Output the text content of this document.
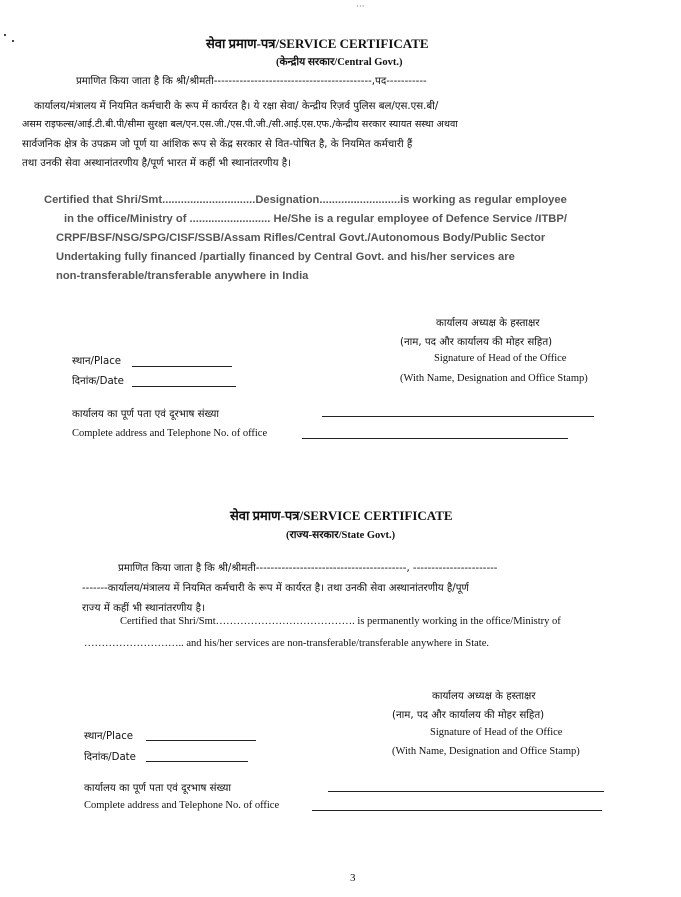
···
सेवा प्रमाण-पत्र/SERVICE CERTIFICATE
(केन्द्रीय सरकार/Central Govt.)
प्रमाणित किया जाता है कि श्री/श्रीमती-------------------------------------------,पद-----------
कार्यालय/मंत्रालय में नियमित कर्मचारी के रूप में कार्यरत है। ये रक्षा सेवा/ केन्द्रीय रिज़र्व पुलिस बल/एस.एस.बी/
असम राइफल्स/आई.टी.बी.पी/सीमा सुरक्षा बल/एन.एस.जी./एस.पी.जी./सी.आई.एस.एफ./केन्द्रीय सरकार स्यायत सस्था अथवा
सार्वजनिक क्षेत्र के उपक्रम जो पूर्ण या आंशिक रूप से केंद्र सरकार से वित-पोषित है, के नियमित कर्मचारी हैं
तथा उनकी सेवा अस्थानांतरणीय है/पूर्ण भारत में कहीं भी स्थानांतरणीय है।
Certified that Shri/Smt..............................Designation..........................is working as regular employee
in the office/Ministry of .......................... He/She is a regular employee of Defence Service /ITBP/
CRPF/BSF/NSG/SPG/CISF/SSB/Assam Rifles/Central Govt./Autonomous Body/Public Sector
Undertaking fully financed /partially financed by Central Govt. and his/her services are
non-transferable/transferable anywhere in India
कार्यालय अध्यक्ष के हस्ताक्षर
(नाम, पद और कार्यालय की मोहर सहित)
स्थान/Place	Signature of Head of the Office
दिनांक/Date	(With Name, Designation and Office Stamp)
कार्यालय का पूर्ण पता एवं दूरभाष संख्या
Complete address and Telephone No. of office
सेवा प्रमाण-पत्र/SERVICE CERTIFICATE
(राज्य-सरकार/State Govt.)
प्रमाणित किया जाता है कि श्री/श्रीमती-----------------------------------------, -----------------------
-------कार्यालय/मंत्रालय में नियमित कर्मचारी के रूप में कार्यरत है। तथा उनकी सेवा अस्थानांतरणीय है/पूर्ण
राज्य में कहीं भी स्थानांतरणीय है।
Certified that Shri/Smt…………………………………. is permanently working in the office/Ministry of
……………………….. and his/her services are non-transferable/transferable anywhere in State.
कार्यालय अध्यक्ष के हस्ताक्षर
(नाम, पद और कार्यालय की मोहर सहित)
स्थान/Place	Signature of Head of the Office
दिनांक/Date
(With Name, Designation and Office Stamp)
कार्यालय का पूर्ण पता एवं दूरभाष संख्या
Complete address and Telephone No. of office
3
